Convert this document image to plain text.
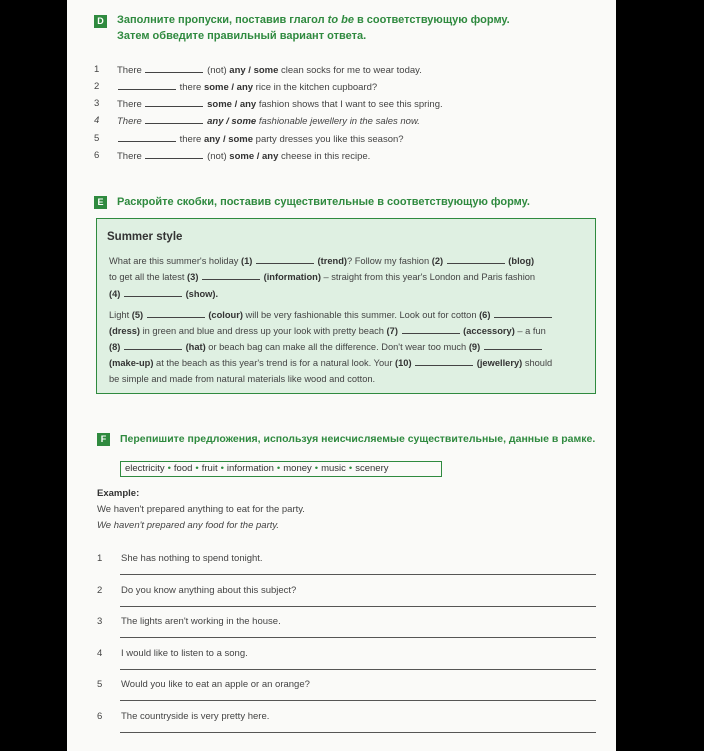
D Заполните пропуски, поставив глагол to be в соответствующую форму.
Затем обведите правильный вариант ответа.
1	There	(not) any / some clean socks for me to wear today.
2	there some / any rice in the kitchen cupboard?
3	There	some / any fashion shows that I want to see this spring.
4	There	any / some fashionable jewellery in the sales now.
5	there any / some party dresses you like this season?
6	There	(not) some / any cheese in this recipe.
E	Раскройте скобки, поставив существительные в соответствующую форму.
Summer style
What are this summer's holiday (1)	(trend)? Follow my fashion (2)	(blog)
to get all the latest (3)	(information) – straight from this year's London and Paris fashion
(4)	(show).
Light (5)	(colour) will be very fashionable this summer. Look out for cotton (6)
(dress) in green and blue and dress up your look with pretty beach (7)	(accessory) – a fun
(8)	(hat) or beach bag can make all the difference. Don't wear too much (9)
(make-up) at the beach as this year's trend is for a natural look. Your (10)	(jewellery) should
be simple and made from natural materials like wood and cotton.
F	Перепишите предложения, используя неисчисляемые существительные, данные в рамке.
electricity • food • fruit • information • money • music • scenery
Example:
We haven't prepared anything to eat for the party.
We haven't prepared any food for the party.
1 She has nothing to spend tonight.
2 Do you know anything about this subject?
3 The lights aren't working in the house.
4 I would like to listen to a song.
5 Would you like to eat an apple or an orange?
6 The countryside is very pretty here.
